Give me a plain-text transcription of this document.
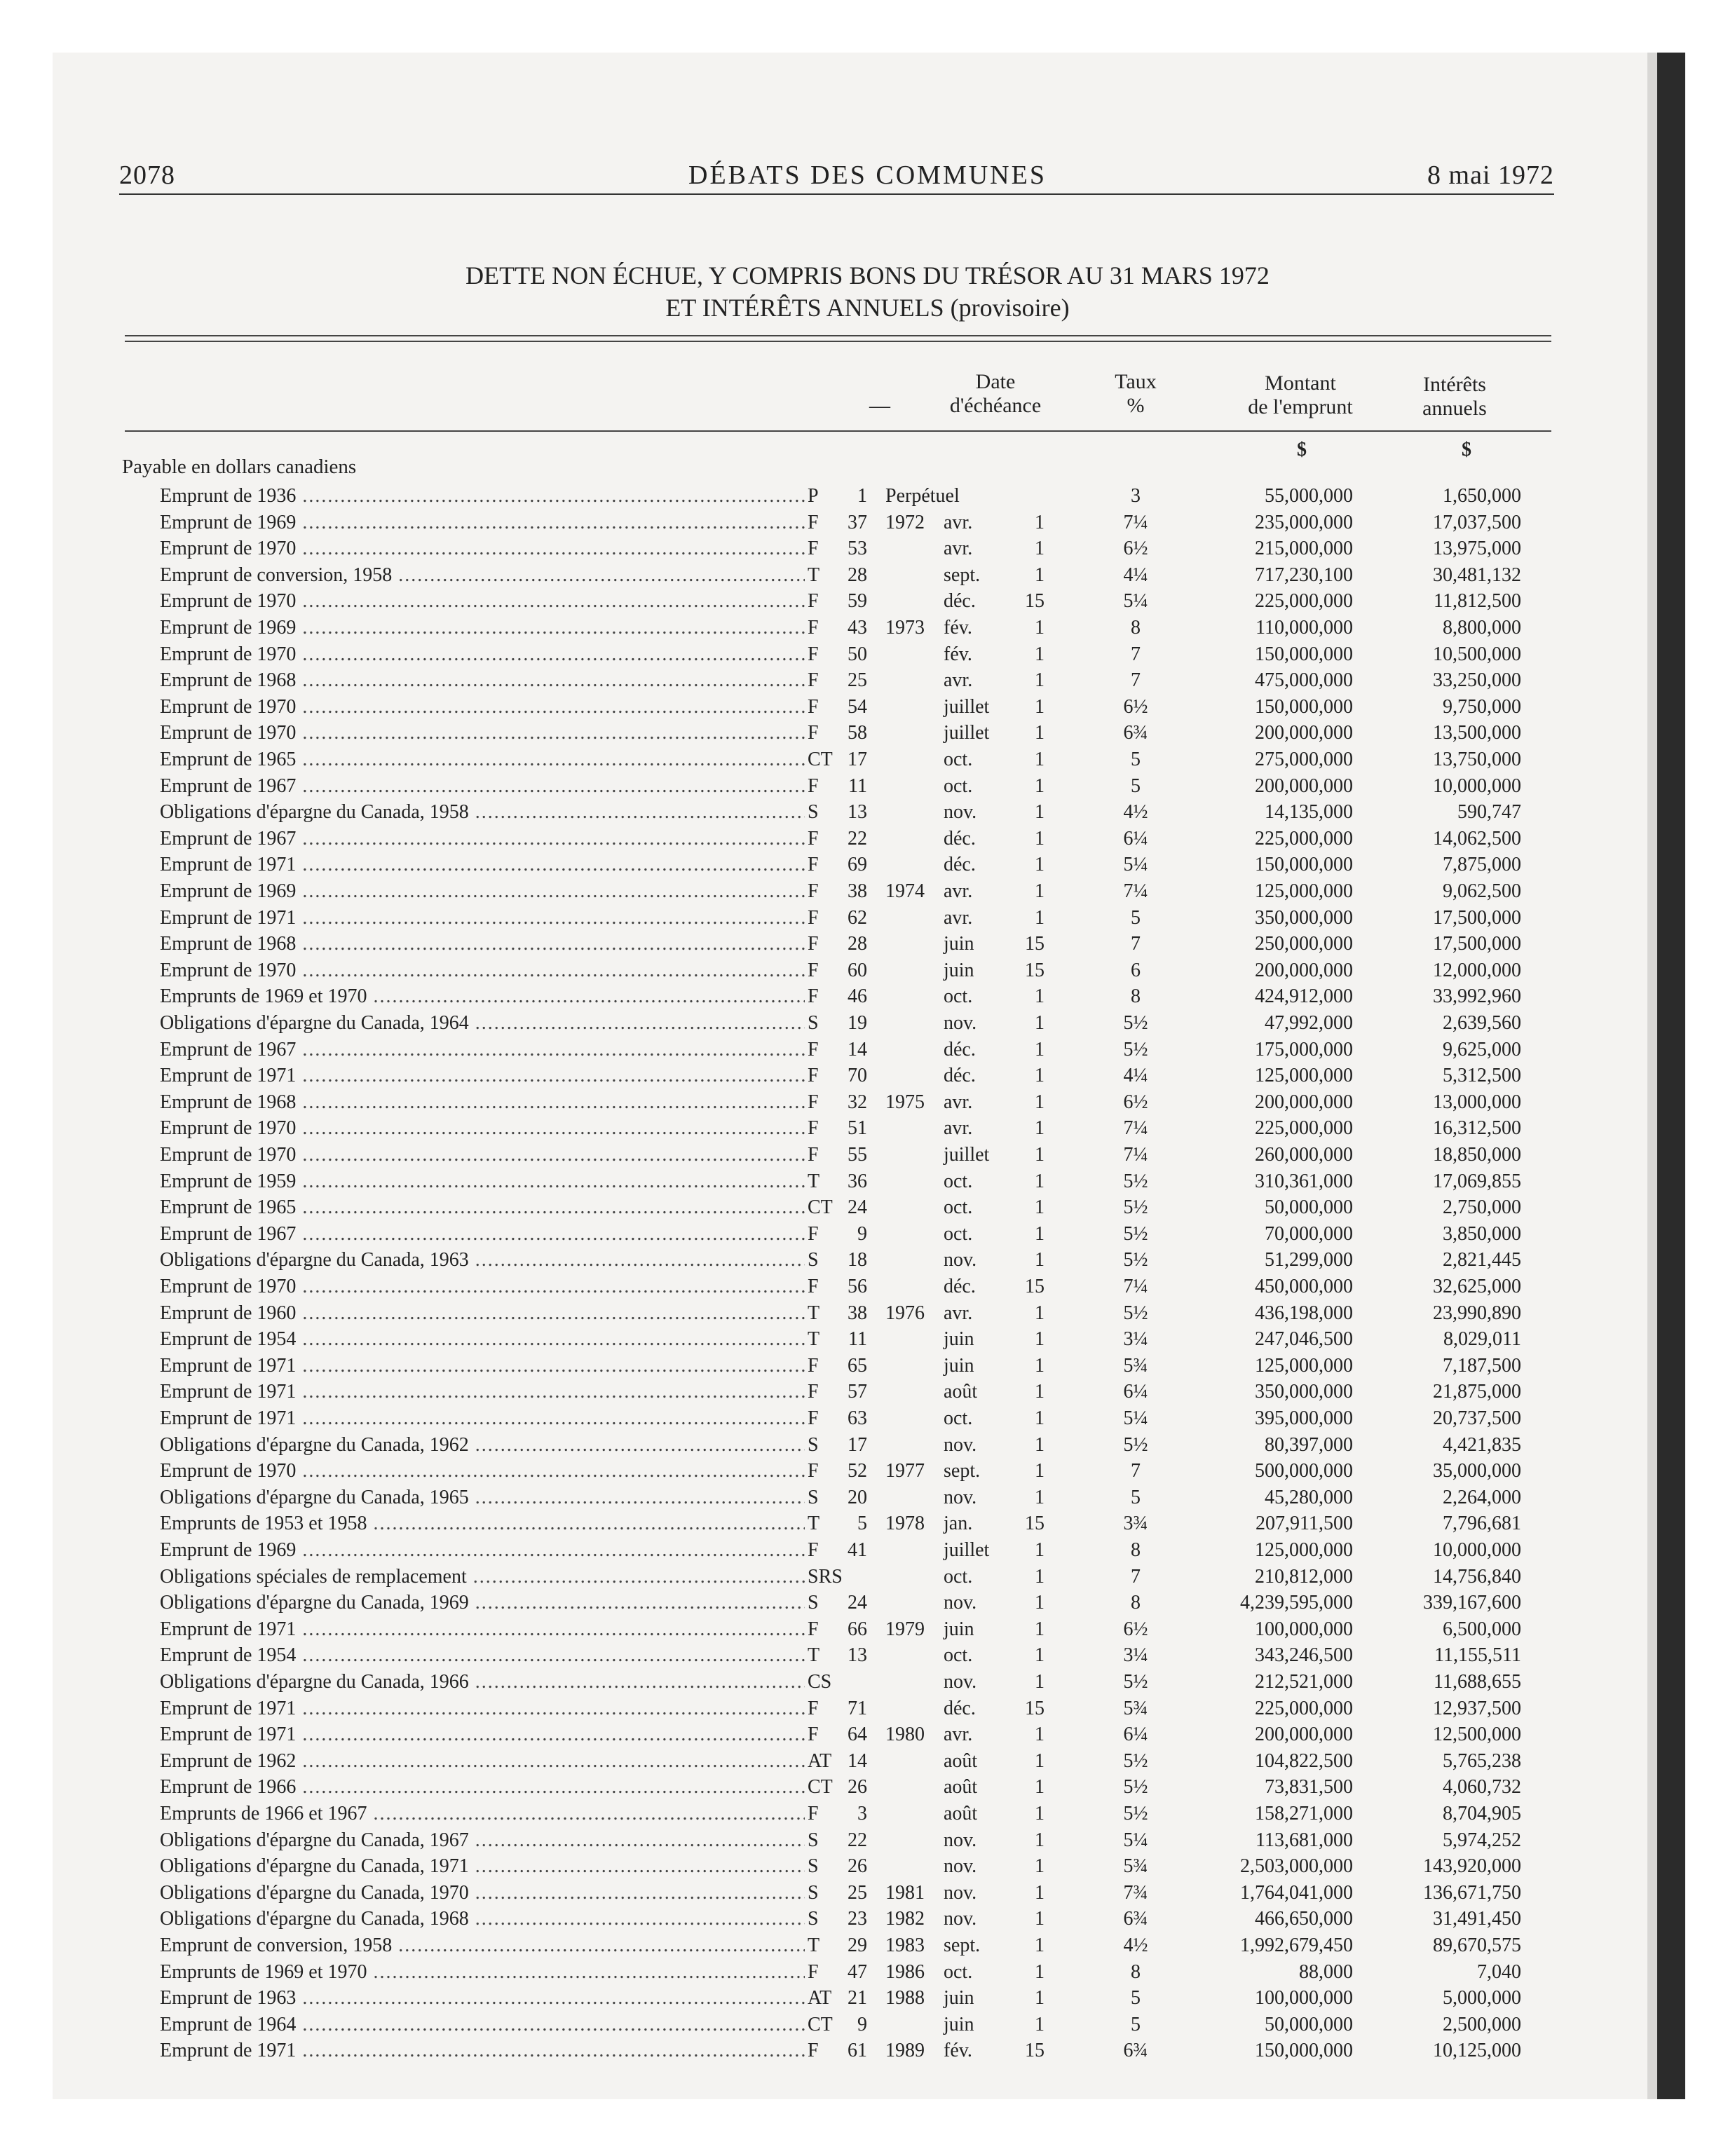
2078	DÉBATS DES COMMUNES	8 mai 1972
DETTE NON ÉCHUE, Y COMPRIS BONS DU TRÉSOR AU 31 MARS 1972
ET INTÉRÊTS ANNUELS (provisoire)
—
Date
d'échéance
Taux
%
Montant
de l'emprunt
Intérêts
annuels
$	$
Payable en dollars canadiens
Emprunt de 1936 .....	P	1 Perpétuel	3	55,000,000	1,650,000
Emprunt de 1969 .....	F	37 1972 avr.	1	7¼	235,000,000	17,037,500
Emprunt de 1970 .....	F	53	avr.	1	6½	215,000,000	13,975,000
Emprunt de conversion, 1958 .....	T	28	sept.	1	4¼	717,230,100	30,481,132
Emprunt de 1970 .....	F	59	déc.	15	5¼	225,000,000	11,812,500
Emprunt de 1969 .....	F	43 1973 fév.	1	8	110,000,000	8,800,000
Emprunt de 1970 .....	F	50	fév.	1	7	150,000,000	10,500,000
Emprunt de 1968 .....	F	25	avr.	1	7	475,000,000	33,250,000
Emprunt de 1970 .....	F	54	juillet	1	6½	150,000,000	9,750,000
Emprunt de 1970 .....	F	58	juillet	1	6¾	200,000,000	13,500,000
Emprunt de 1965 .....	CT 17	oct.	1	5	275,000,000	13,750,000
Emprunt de 1967 .....	F	11	oct.	1	5	200,000,000	10,000,000
Obligations d'épargne du Canada, 1958 .....	S	13	nov.	1	4½	14,135,000	590,747
Emprunt de 1967 .....	F	22	déc.	1	6¼	225,000,000	14,062,500
Emprunt de 1971 .....	F	69	déc.	1	5¼	150,000,000	7,875,000
Emprunt de 1969 .....	F	38 1974 avr.	1	7¼	125,000,000	9,062,500
Emprunt de 1971 .....	F	62	avr.	1	5	350,000,000	17,500,000
Emprunt de 1968 .....	F	28	juin	15	7	250,000,000	17,500,000
Emprunt de 1970 .....	F	60	juin	15	6	200,000,000	12,000,000
Emprunts de 1969 et 1970 .....	F	46	oct.	1	8	424,912,000	33,992,960
Obligations d'épargne du Canada, 1964 .....	S	19	nov.	1	5½	47,992,000	2,639,560
Emprunt de 1967 .....	F	14	déc.	1	5½	175,000,000	9,625,000
Emprunt de 1971 .....	F	70	déc.	1	4¼	125,000,000	5,312,500
Emprunt de 1968 .....	F	32 1975 avr.	1	6½	200,000,000	13,000,000
Emprunt de 1970 .....	F	51	avr.	1	7¼	225,000,000	16,312,500
Emprunt de 1970 .....	F	55	juillet	1	7¼	260,000,000	18,850,000
Emprunt de 1959 .....	T	36	oct.	1	5½	310,361,000	17,069,855
Emprunt de 1965 .....	CT 24	oct.	1	5½	50,000,000	2,750,000
Emprunt de 1967 .....	F	9	oct.	1	5½	70,000,000	3,850,000
Obligations d'épargne du Canada, 1963 .....	S	18	nov.	1	5½	51,299,000	2,821,445
Emprunt de 1970 .....	F	56	déc.	15	7¼	450,000,000	32,625,000
Emprunt de 1960 .....	T	38 1976 avr.	1	5½	436,198,000	23,990,890
Emprunt de 1954 .....	T	11	juin	1	3¼	247,046,500	8,029,011
Emprunt de 1971 .....	F	65	juin	1	5¾	125,000,000	7,187,500
Emprunt de 1971 .....	F	57	août	1	6¼	350,000,000	21,875,000
Emprunt de 1971 .....	F	63	oct.	1	5¼	395,000,000	20,737,500
Obligations d'épargne du Canada, 1962 .....	S	17	nov.	1	5½	80,397,000	4,421,835
Emprunt de 1970 .....	F	52 1977 sept.	1	7	500,000,000	35,000,000
Obligations d'épargne du Canada, 1965 .....	S	20	nov.	1	5	45,280,000	2,264,000
Emprunts de 1953 et 1958 .....	T	5 1978 jan.	15	3¾	207,911,500	7,796,681
Emprunt de 1969 .....	F	41	juillet	1	8	125,000,000	10,000,000
Obligations spéciales de remplacement .....	SRS	oct.	1	7	210,812,000	14,756,840
Obligations d'épargne du Canada, 1969 .....	S	24	nov.	1	8	4,239,595,000	339,167,600
Emprunt de 1971 .....	F	66 1979 juin	1	6½	100,000,000	6,500,000
Emprunt de 1954 .....	T	13	oct.	1	3¼	343,246,500	11,155,511
Obligations d'épargne du Canada, 1966 .....	CS	nov.	1	5½	212,521,000	11,688,655
Emprunt de 1971 .....	F	71	déc.	15	5¾	225,000,000	12,937,500
Emprunt de 1971 .....	F	64 1980 avr.	1	6¼	200,000,000	12,500,000
Emprunt de 1962 .....	AT 14	août	1	5½	104,822,500	5,765,238
Emprunt de 1966 .....	CT 26	août	1	5½	73,831,500	4,060,732
Emprunts de 1966 et 1967 .....	F	3	août	1	5½	158,271,000	8,704,905
Obligations d'épargne du Canada, 1967 .....	S	22	nov.	1	5¼	113,681,000	5,974,252
Obligations d'épargne du Canada, 1971 .....	S	26	nov.	1	5¾	2,503,000,000	143,920,000
Obligations d'épargne du Canada, 1970 .....	S	25 1981 nov.	1	7¾	1,764,041,000	136,671,750
Obligations d'épargne du Canada, 1968 .....	S	23 1982 nov.	1	6¾	466,650,000	31,491,450
Emprunt de conversion, 1958 .....	T	29 1983 sept.	1	4½	1,992,679,450	89,670,575
Emprunts de 1969 et 1970 .....	F	47 1986 oct.	1	8	88,000	7,040
Emprunt de 1963 .....	AT 21 1988 juin	1	5	100,000,000	5,000,000
Emprunt de 1964 .....	CT	9	juin	1	5	50,000,000	2,500,000
Emprunt de 1971 .....	F	61 1989 fév.	15	6¾	150,000,000	10,125,000
